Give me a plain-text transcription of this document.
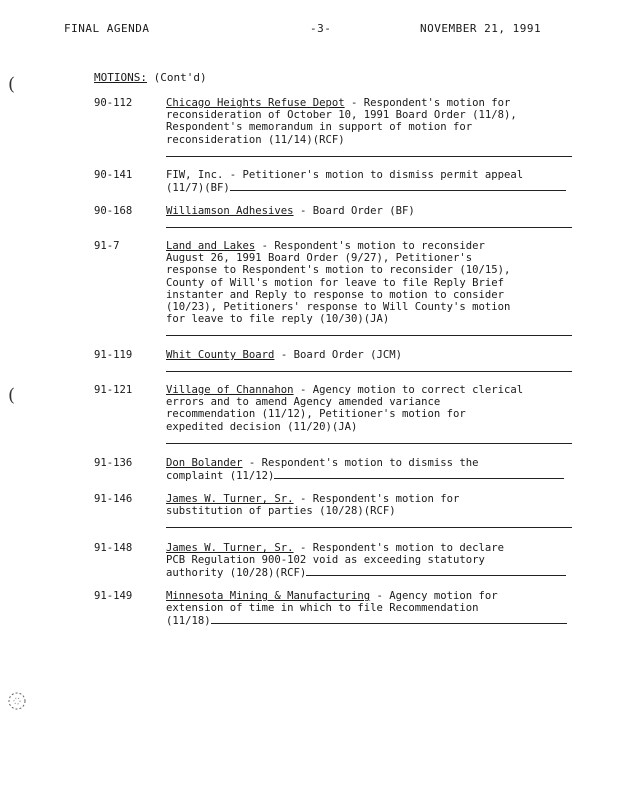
FINAL AGENDA	-3-	NOVEMBER 21, 1991
(
(
MOTIONS: (Cont'd)
90-112	Chicago Heights Refuse Depot - Respondent's motion for
reconsideration of October 10, 1991 Board Order (11/8),
Respondent's memorandum in support of motion for
reconsideration (11/14)(RCF)
90-141	FIW, Inc. - Petitioner's motion to dismiss permit appeal
(11/7)(BF)
90-168	Williamson Adhesives - Board Order (BF)
91-7	Land and Lakes - Respondent's motion to reconsider
August 26, 1991 Board Order (9/27), Petitioner's
response to Respondent's motion to reconsider (10/15),
County of Will's motion for leave to file Reply Brief
instanter and Reply to response to motion to consider
(10/23), Petitioners' response to Will County's motion
for leave to file reply (10/30)(JA)
91-119	Whit County Board - Board Order (JCM)
91-121	Village of Channahon - Agency motion to correct clerical
errors and to amend Agency amended variance
recommendation (11/12), Petitioner's motion for
expedited decision (11/20)(JA)
91-136	Don Bolander - Respondent's motion to dismiss the
complaint (11/12)
91-146	James W. Turner, Sr. - Respondent's motion for
substitution of parties (10/28)(RCF)
91-148	James W. Turner, Sr. - Respondent's motion to declare
PCB Regulation 900-102 void as exceeding statutory
authority (10/28)(RCF)
91-149	Minnesota Mining & Manufacturing - Agency motion for
extension of time in which to file Recommendation
(11/18)
